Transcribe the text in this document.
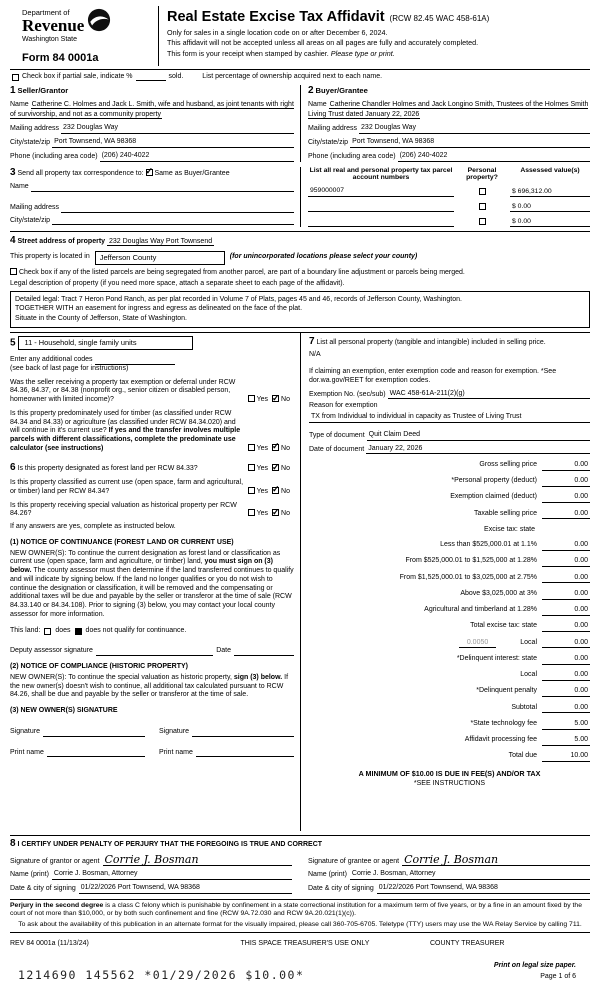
Department of
Revenue
Washington State
Form 84 0001a
Real Estate Excise Tax Affidavit (RCW 82.45 WAC 458-61A)
Only for sales in a single location code on or after December 6, 2024.
This affidavit will not be accepted unless all areas on all pages are fully and accurately completed.
This form is your receipt when stamped by cashier. Please type or print.
Check box if partial sale, indicate %	sold.	List percentage of ownership acquired next to each name.
1 Seller/Grantor
Name Catherine C. Holmes and Jack L. Smith, wife and husband, as joint tenants with right of survivorship, and not as a community property
Mailing address 232 Douglas Way
City/state/zip Port Townsend, WA 98368
Phone (including area code) (206) 240-4022
2 Buyer/Grantee
Name Catherine Chandler Holmes and Jack Longino Smith, Trustees of the Holmes Smith Living Trust dated January 22, 2026
Mailing address 232 Douglas Way
City/state/zip Port Townsend, WA 98368
Phone (including area code) (206) 240-4022
3 Send all property tax correspondence to: ✓ Same as Buyer/Grantee
Name
Mailing address
City/state/zip
List all real and personal property tax parcel account numbers
Personal property?
Assessed value(s)
959000007	$ 696,312.00
$ 0.00
$ 0.00
4 Street address of property 232 Douglas Way Port Townsend
This property is located in	Jefferson County	(for unincorporated locations please select your county)
Check box if any of the listed parcels are being segregated from another parcel, are part of a boundary line adjustment or parcels being merged.
Legal description of property (if you need more space, attach a separate sheet to each page of the affidavit).
Detailed legal: Tract 7 Heron Pond Ranch, as per plat recorded in Volume 7 of Plats, pages 45 and 46, records of Jefferson County, Washington.
TOGETHER WITH an easement for ingress and egress as delineated on the face of the plat.
Situate in the County of Jefferson, State of Washington.
5 11 - Household, single family units
Enter any additional codes
(see back of last page for instructions)
Was the seller receiving a property tax exemption or deferral under RCW 84.36, 84.37, or 84.38 (nonprofit org., senior citizen or disabled person, homeowner with limited income)?	Yes ✓ No
Is this property predominately used for timber (as classified under RCW 84.34 and 84.33) or agriculture (as classified under RCW 84.34.020) and will continue in it's current use? If yes and the transfer involves multiple parcels with different classifications, complete the predominate use calculator (see instructions)	Yes ✓ No
6 Is this property designated as forest land per RCW 84.33?	Yes ✓ No
Is this property classified as current use (open space, farm and agricultural, or timber) land per RCW 84.34?	Yes ✓ No
Is this property receiving special valuation as historical property per RCW 84.26?	Yes ✓ No
If any answers are yes, complete as instructed below.
(1) NOTICE OF CONTINUANCE (FOREST LAND OR CURRENT USE)
NEW OWNER(S): To continue the current designation as forest land or classification as current use (open space, farm and agriculture, or timber) land, you must sign on (3) below. The county assessor must then determine if the land transferred continues to qualify and will indicate by signing below. If the land no longer qualifies or you do not wish to continue the designation or classification, it will be removed and the compensating or additional taxes will be due and payable by the seller or transferor at the time of sale (RCW 84.33.140 or 84.34.108). Prior to signing (3) below, you may contact your local county assessor for more information.
This land: does does not qualify for continuance.
Deputy assessor signature	Date
(2) NOTICE OF COMPLIANCE (HISTORIC PROPERTY)
NEW OWNER(S): To continue the special valuation as historic property, sign (3) below. If the new owner(s) doesn't wish to continue, all additional tax calculated pursuant to RCW 84.26, shall be due and payable by the seller or transferor at the time of sale.
(3) NEW OWNER(S) SIGNATURE
Signature	Signature
Print name	Print name
7 List all personal property (tangible and intangible) included in selling price.
N/A
If claiming an exemption, enter exemption code and reason for exemption. *See dor.wa.gov/REET for exemption codes.
Exemption No. (sec/sub) WAC 458-61A-211(2)(g)
Reason for exemption
TX from Individual to individual in capacity as Trustee of Living Trust
Type of document Quit Claim Deed
Date of document January 22, 2026
Gross selling price	0.00
*Personal property (deduct)	0.00
Exemption claimed (deduct)	0.00
Taxable selling price	0.00
Excise tax: state
Less than $525,000.01 at 1.1%	0.00
From $525,000.01 to $1,525,000 at 1.28%	0.00
From $1,525,000.01 to $3,025,000 at 2.75%	0.00
Above $3,025,000 at 3%	0.00
Agricultural and timberland at 1.28%	0.00
Total excise tax: state	0.00
0.0050	Local	0.00
*Delinquent interest: state	0.00
Local	0.00
*Delinquent penalty	0.00
Subtotal	0.00
*State technology fee	5.00
Affidavit processing fee	5.00
Total due	10.00
A MINIMUM OF $10.00 IS DUE IN FEE(S) AND/OR TAX
*SEE INSTRUCTIONS
8 I CERTIFY UNDER PENALTY OF PERJURY THAT THE FOREGOING IS TRUE AND CORRECT
Signature of grantor or agent Corrie J. Bosman
Name (print) Corrie J. Bosman, Attorney
Date & city of signing 01/22/2026 Port Townsend, WA 98368
Signature of grantee or agent Corrie J. Bosman
Name (print) Corrie J. Bosman, Attorney
Date & city of signing 01/22/2026 Port Townsend, WA 98368
Perjury in the second degree is a class C felony which is punishable by confinement in a state correctional institution for a maximum term of five years, or by a fine in an amount fixed by the court of not more than $10,000, or by both such confinement and fine (RCW 9A.72.030 and RCW 9A.20.021(1)(c)).
To ask about the availability of this publication in an alternate format for the visually impaired, please call 360-705-6705. Teletype (TTY) users may use the WA Relay Service by calling 711.
REV 84 0001a (11/13/24)	THIS SPACE TREASURER'S USE ONLY	COUNTY TREASURER
1214690 145562 *01/29/2026 $10.00*
Print on legal size paper.
Page 1 of 6
